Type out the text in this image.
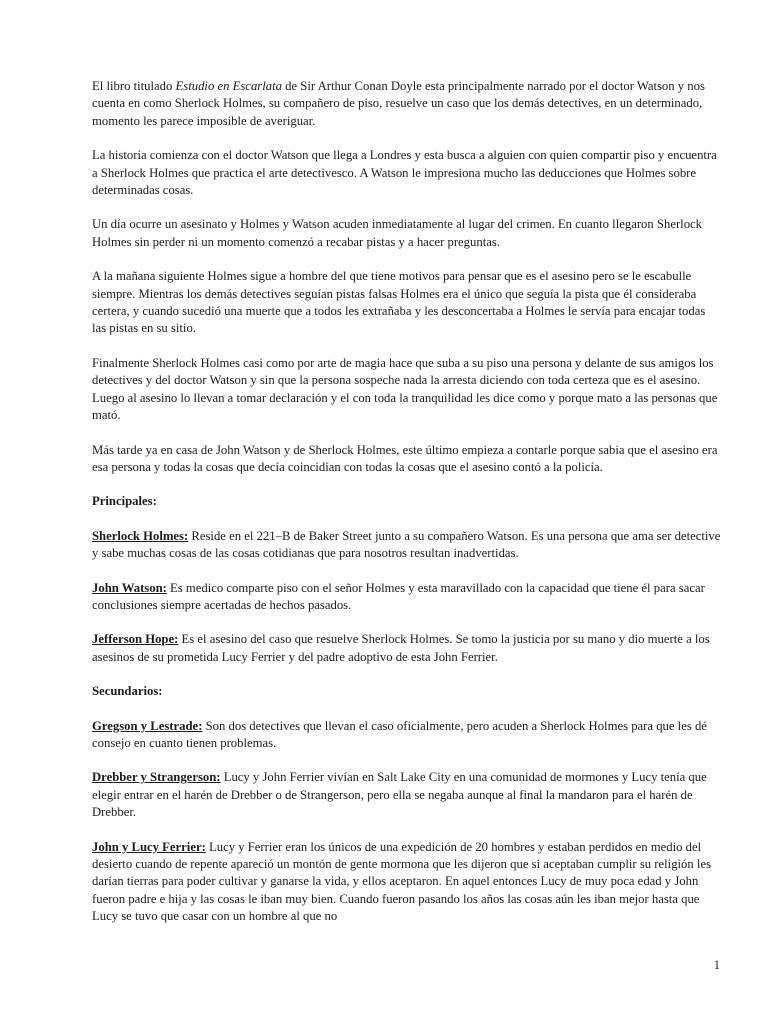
El libro titulado Estudio en Escarlata de Sir Arthur Conan Doyle esta principalmente narrado por el doctor Watson y nos cuenta en como Sherlock Holmes, su compañero de piso, resuelve un caso que los demás detectives, en un determinado, momento les parece imposible de averiguar.
La historia comienza con el doctor Watson que llega a Londres y esta busca a alguien con quien compartir piso y encuentra a Sherlock Holmes que practica el arte detectivesco. A Watson le impresiona mucho las deducciones que Holmes sobre determinadas cosas.
Un día ocurre un asesinato y Holmes y Watson acuden inmediatamente al lugar del crimen. En cuanto llegaron Sherlock Holmes sin perder ni un momento comenzó a recabar pistas y a hacer preguntas.
A la mañana siguiente Holmes sigue a hombre del que tiene motivos para pensar que es el asesino pero se le escabulle siempre. Mientras los demás detectives seguían pistas falsas Holmes era el único que seguía la pista que él consideraba certera, y cuando sucedió una muerte que a todos les extrañaba y les desconcertaba a Holmes le servía para encajar todas las pistas en su sitio.
Finalmente Sherlock Holmes casi como por arte de magia hace que suba a su piso una persona y delante de sus amigos los detectives y del doctor Watson y sin que la persona sospeche nada la arresta diciendo con toda certeza que es el asesino. Luego al asesino lo llevan a tomar declaración y el con toda la tranquilidad les dice como y porque mato a las personas que mató.
Más tarde ya en casa de John Watson y de Sherlock Holmes, este último empieza a contarle porque sabia que el asesino era esa persona y todas la cosas que decía coincidían con todas la cosas que el asesino contó a la policía.
Principales:
Sherlock Holmes: Reside en el 221–B de Baker Street junto a su compañero Watson. Es una persona que ama ser detective y sabe muchas cosas de las cosas cotidianas que para nosotros resultan inadvertidas.
John Watson: Es medico comparte piso con el señor Holmes y esta maravillado con la capacidad que tiene él para sacar conclusiones siempre acertadas de hechos pasados.
Jefferson Hope: Es el asesino del caso que resuelve Sherlock Holmes. Se tomo la justicia por su mano y dio muerte a los asesinos de su prometida Lucy Ferrier y del padre adoptivo de esta John Ferrier.
Secundarios:
Gregson y Lestrade: Son dos detectives que llevan el caso oficialmente, pero acuden a Sherlock Holmes para que les dé consejo en cuanto tienen problemas.
Drebber y Strangerson: Lucy y John Ferrier vivían en Salt Lake City en una comunidad de mormones y Lucy tenía que elegir entrar en el harén de Drebber o de Strangerson, pero ella se negaba aunque al final la mandaron para el harén de Drebber.
John y Lucy Ferrier: Lucy y Ferrier eran los únicos de una expedición de 20 hombres y estaban perdidos en medio del desierto cuando de repente apareció un montón de gente mormona que les dijeron que si aceptaban cumplir su religión les darían tierras para poder cultivar y ganarse la vida, y ellos aceptaron. En aquel entonces Lucy de muy poca edad y John fueron padre e hija y las cosas le iban muy bien. Cuando fueron pasando los años las cosas aún les iban mejor hasta que Lucy se tuvo que casar con un hombre al que no
1
